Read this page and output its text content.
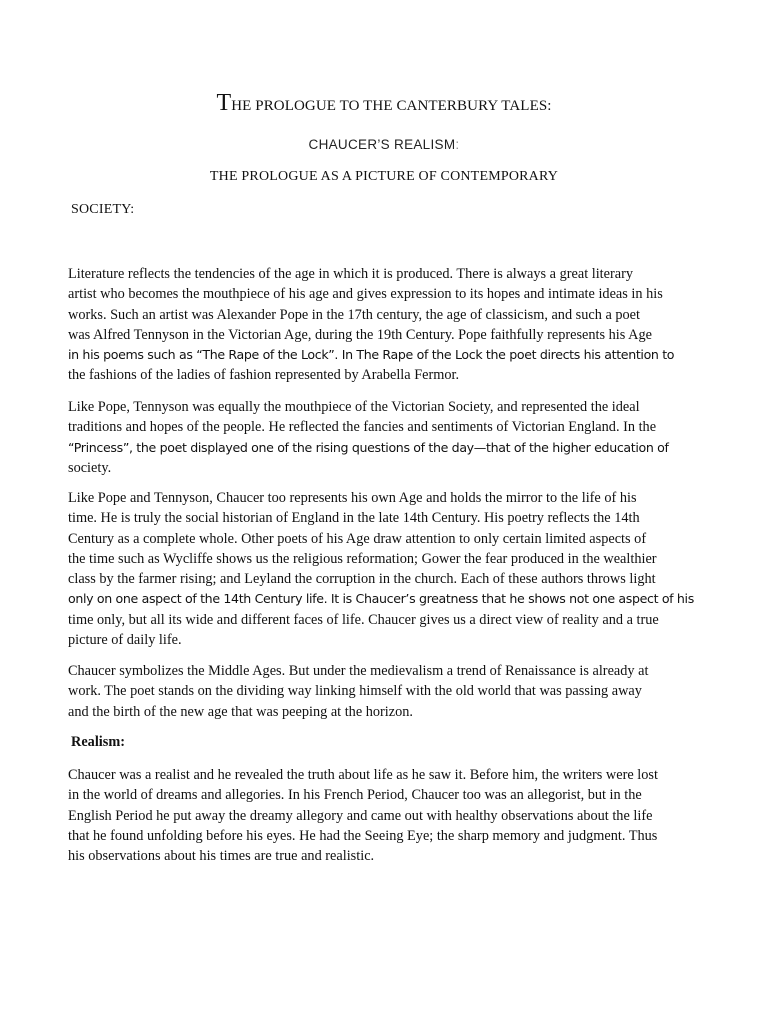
THE PROLOGUE TO THE CANTERBURY TALES:
CHAUCER’S REALISM:
THE PROLOGUE AS A PICTURE OF CONTEMPORARY
SOCIETY:
Literature reflects the tendencies of the age in which it is produced. There is always a great literary
artist who becomes the mouthpiece of his age and gives expression to its hopes and intimate ideas in his
works. Such an artist was Alexander Pope in the 17th century, the age of classicism, and such a poet
was Alfred Tennyson in the Victorian Age, during the 19th Century. Pope faithfully represents his Age
in his poems such as “The Rape of the Lock”. In The Rape of the Lock the poet directs his attention to
the fashions of the ladies of fashion represented by Arabella Fermor.
Like Pope, Tennyson was equally the mouthpiece of the Victorian Society, and represented the ideal
traditions and hopes of the people. He reflected the fancies and sentiments of Victorian England. In the
“Princess”, the poet displayed one of the rising questions of the day—that of the higher education of
society.
Like Pope and Tennyson, Chaucer too represents his own Age and holds the mirror to the life of his
time. He is truly the social historian of England in the late 14th Century. His poetry reflects the 14th
Century as a complete whole. Other poets of his Age draw attention to only certain limited aspects of
the time such as Wycliffe shows us the religious reformation; Gower the fear produced in the wealthier
class by the farmer rising; and Leyland the corruption in the church. Each of these authors throws light
only on one aspect of the 14th Century life. It is Chaucer’s greatness that he shows not one aspect of his
time only, but all its wide and different faces of life. Chaucer gives us a direct view of reality and a true
picture of daily life.
Chaucer symbolizes the Middle Ages. But under the medievalism a trend of Renaissance is already at
work. The poet stands on the dividing way linking himself with the old world that was passing away
and the birth of the new age that was peeping at the horizon.
Realism:
Chaucer was a realist and he revealed the truth about life as he saw it. Before him, the writers were lost
in the world of dreams and allegories. In his French Period, Chaucer too was an allegorist, but in the
English Period he put away the dreamy allegory and came out with healthy observations about the life
that he found unfolding before his eyes. He had the Seeing Eye; the sharp memory and judgment. Thus
his observations about his times are true and realistic.
